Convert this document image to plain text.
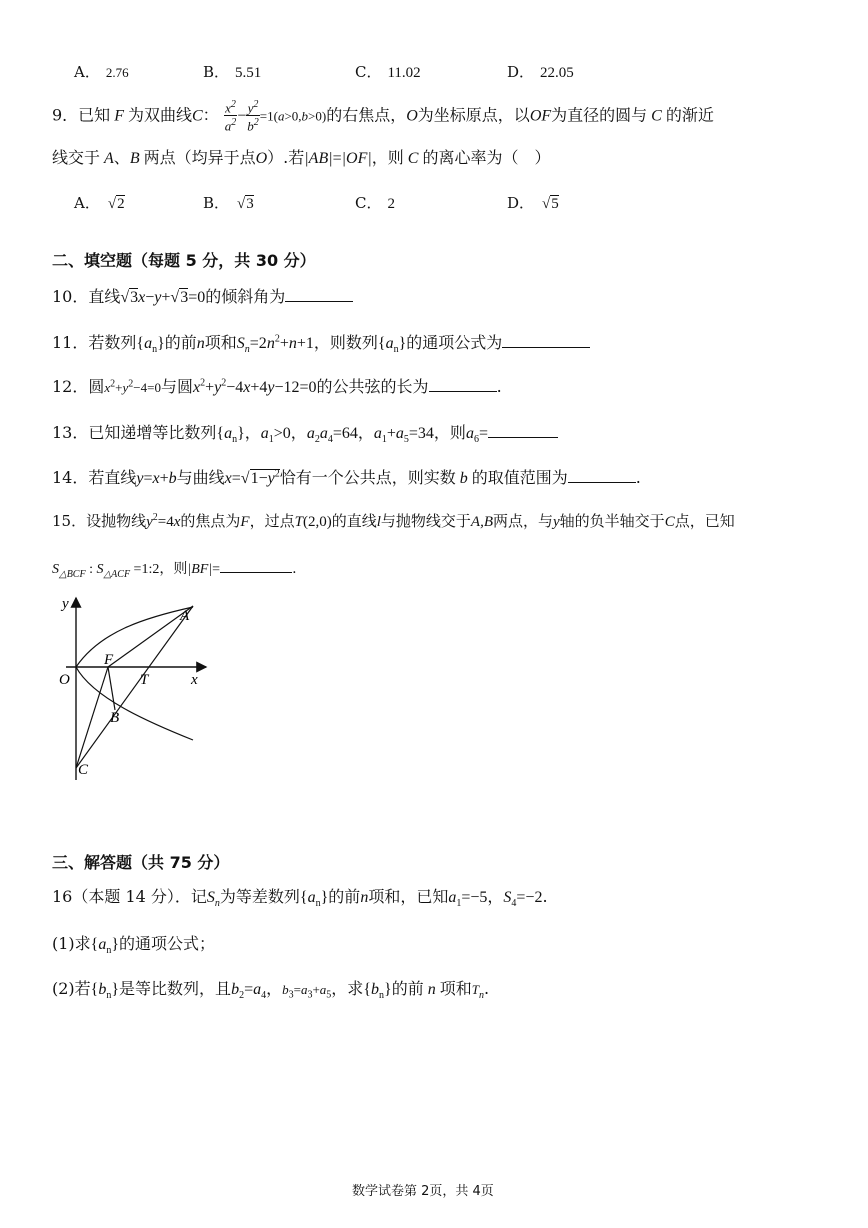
A． 2.76	B． 5.51	C． 11.02	D． 22.05
9．已知 F 为双曲线C： $\frac{x^2}{a^2} - \frac{y^2}{b^2} =1(a>0,b>0)$的右焦点，O为坐标原点，以OF为直径的圆与 C 的渐近
线交于 A、B 两点（均异于点O）.若|AB|=|OF|，则 C 的离心率为（　）
A． √2	B． √3	C． 2	D． √5
二、填空题（每题 5 分，共 30 分）
10．直线√3x−y+√3=0的倾斜角为
11．若数列$\{a_n\}$的前n项和$S_n=2n^2+n+1$，则数列$\{a_n\}$的通项公式为
12．圆$x^2+y^2-4=0$与圆$x^2+y^2-4x+4y-12=0$的公共弦的长为	.
13．已知递增等比数列$\{a_n\}$，$a_1>0$，$a_2a_4=64$，$a_1+a_5=34$，则$a_6=$
14．若直线y=x+b与曲线$x=√1-y^2$恰有一个公共点，则实数 b 的取值范围为	.
15．设抛物线$y^2=4x$的焦点为F，过点T(2,0)的直线l与抛物线交于A,B两点，与y轴的负半轴交于C点，已知
$S_{\triangle BCF}$ : $S_{\triangle ACF}$ =1:2，则|BF|=	.
y
x
O
F
T
A
B
C
三、解答题（共 75 分）
16（本题 14 分）．记$S_n$为等差数列$\{a_n\}$的前n项和，已知$a_1=-5$，$S_4=-2$.
(1)求$\{a_n\}$的通项公式；
(2)若$\{b_n\}$是等比数列，且$b_2=a_4$，$b_3=a_3+a_5$，求$\{b_n\}$的前 n 项和$T_n$.
数学试卷第 2页，共 4页
